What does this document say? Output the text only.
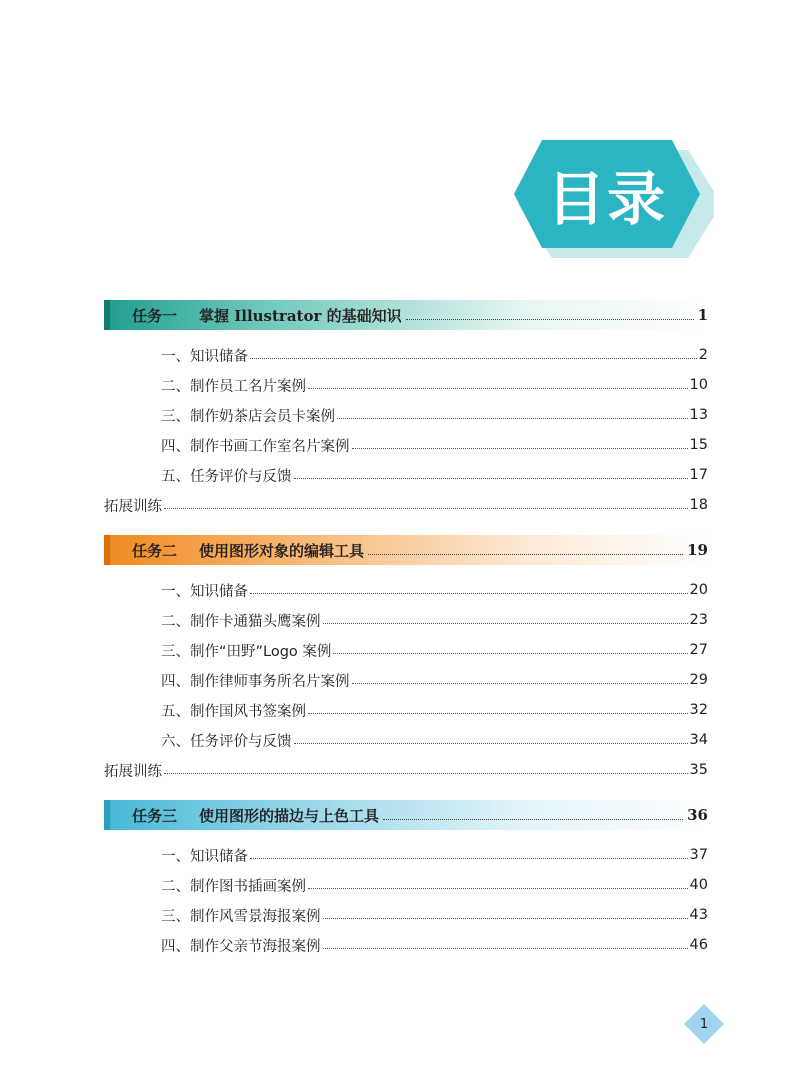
目录
任务一 掌握 Illustrator 的基础知识	1
一、知识储备	2
二、制作员工名片案例	10
三、制作奶茶店会员卡案例	13
四、制作书画工作室名片案例	15
五、任务评价与反馈	17
拓展训练	18
任务二 使用图形对象的编辑工具	19
一、知识储备	20
二、制作卡通猫头鹰案例	23
三、制作“田野”Logo 案例	27
四、制作律师事务所名片案例	29
五、制作国风书签案例	32
六、任务评价与反馈	34
拓展训练	35
任务三 使用图形的描边与上色工具	36
一、知识储备	37
二、制作图书插画案例	40
三、制作风雪景海报案例	43
四、制作父亲节海报案例	46
1
